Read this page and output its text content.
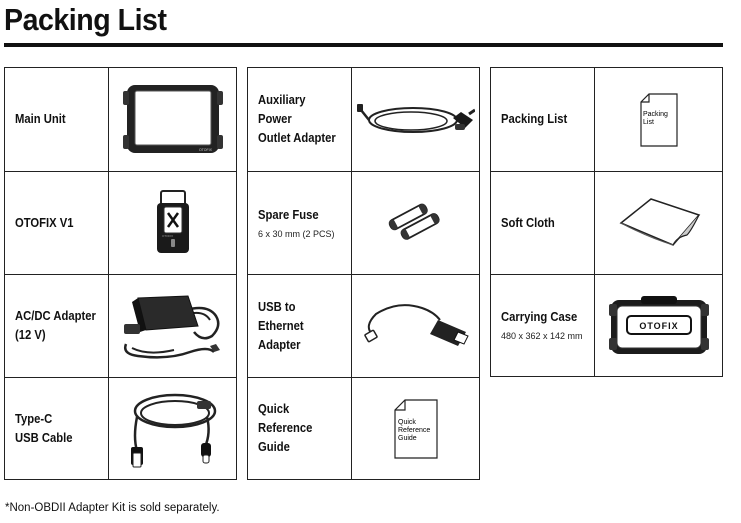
Packing List
Main Unit
OTOFIX
OTOFIX V1
OTOFIX
AC/DC Adapter
(12 V)
Type-C
USB Cable
Auxiliary Power
Outlet Adapter
Spare Fuse
6 x 30 mm (2 PCS)
USB to
Ethernet Adapter
Quick Reference
Guide
Quick
Reference
Guide
Packing List	Packing
List
Soft Cloth
Carrying Case
480 x 362 x 142 mm
OTOFIX
*Non-OBDII Adapter Kit is sold separately.
